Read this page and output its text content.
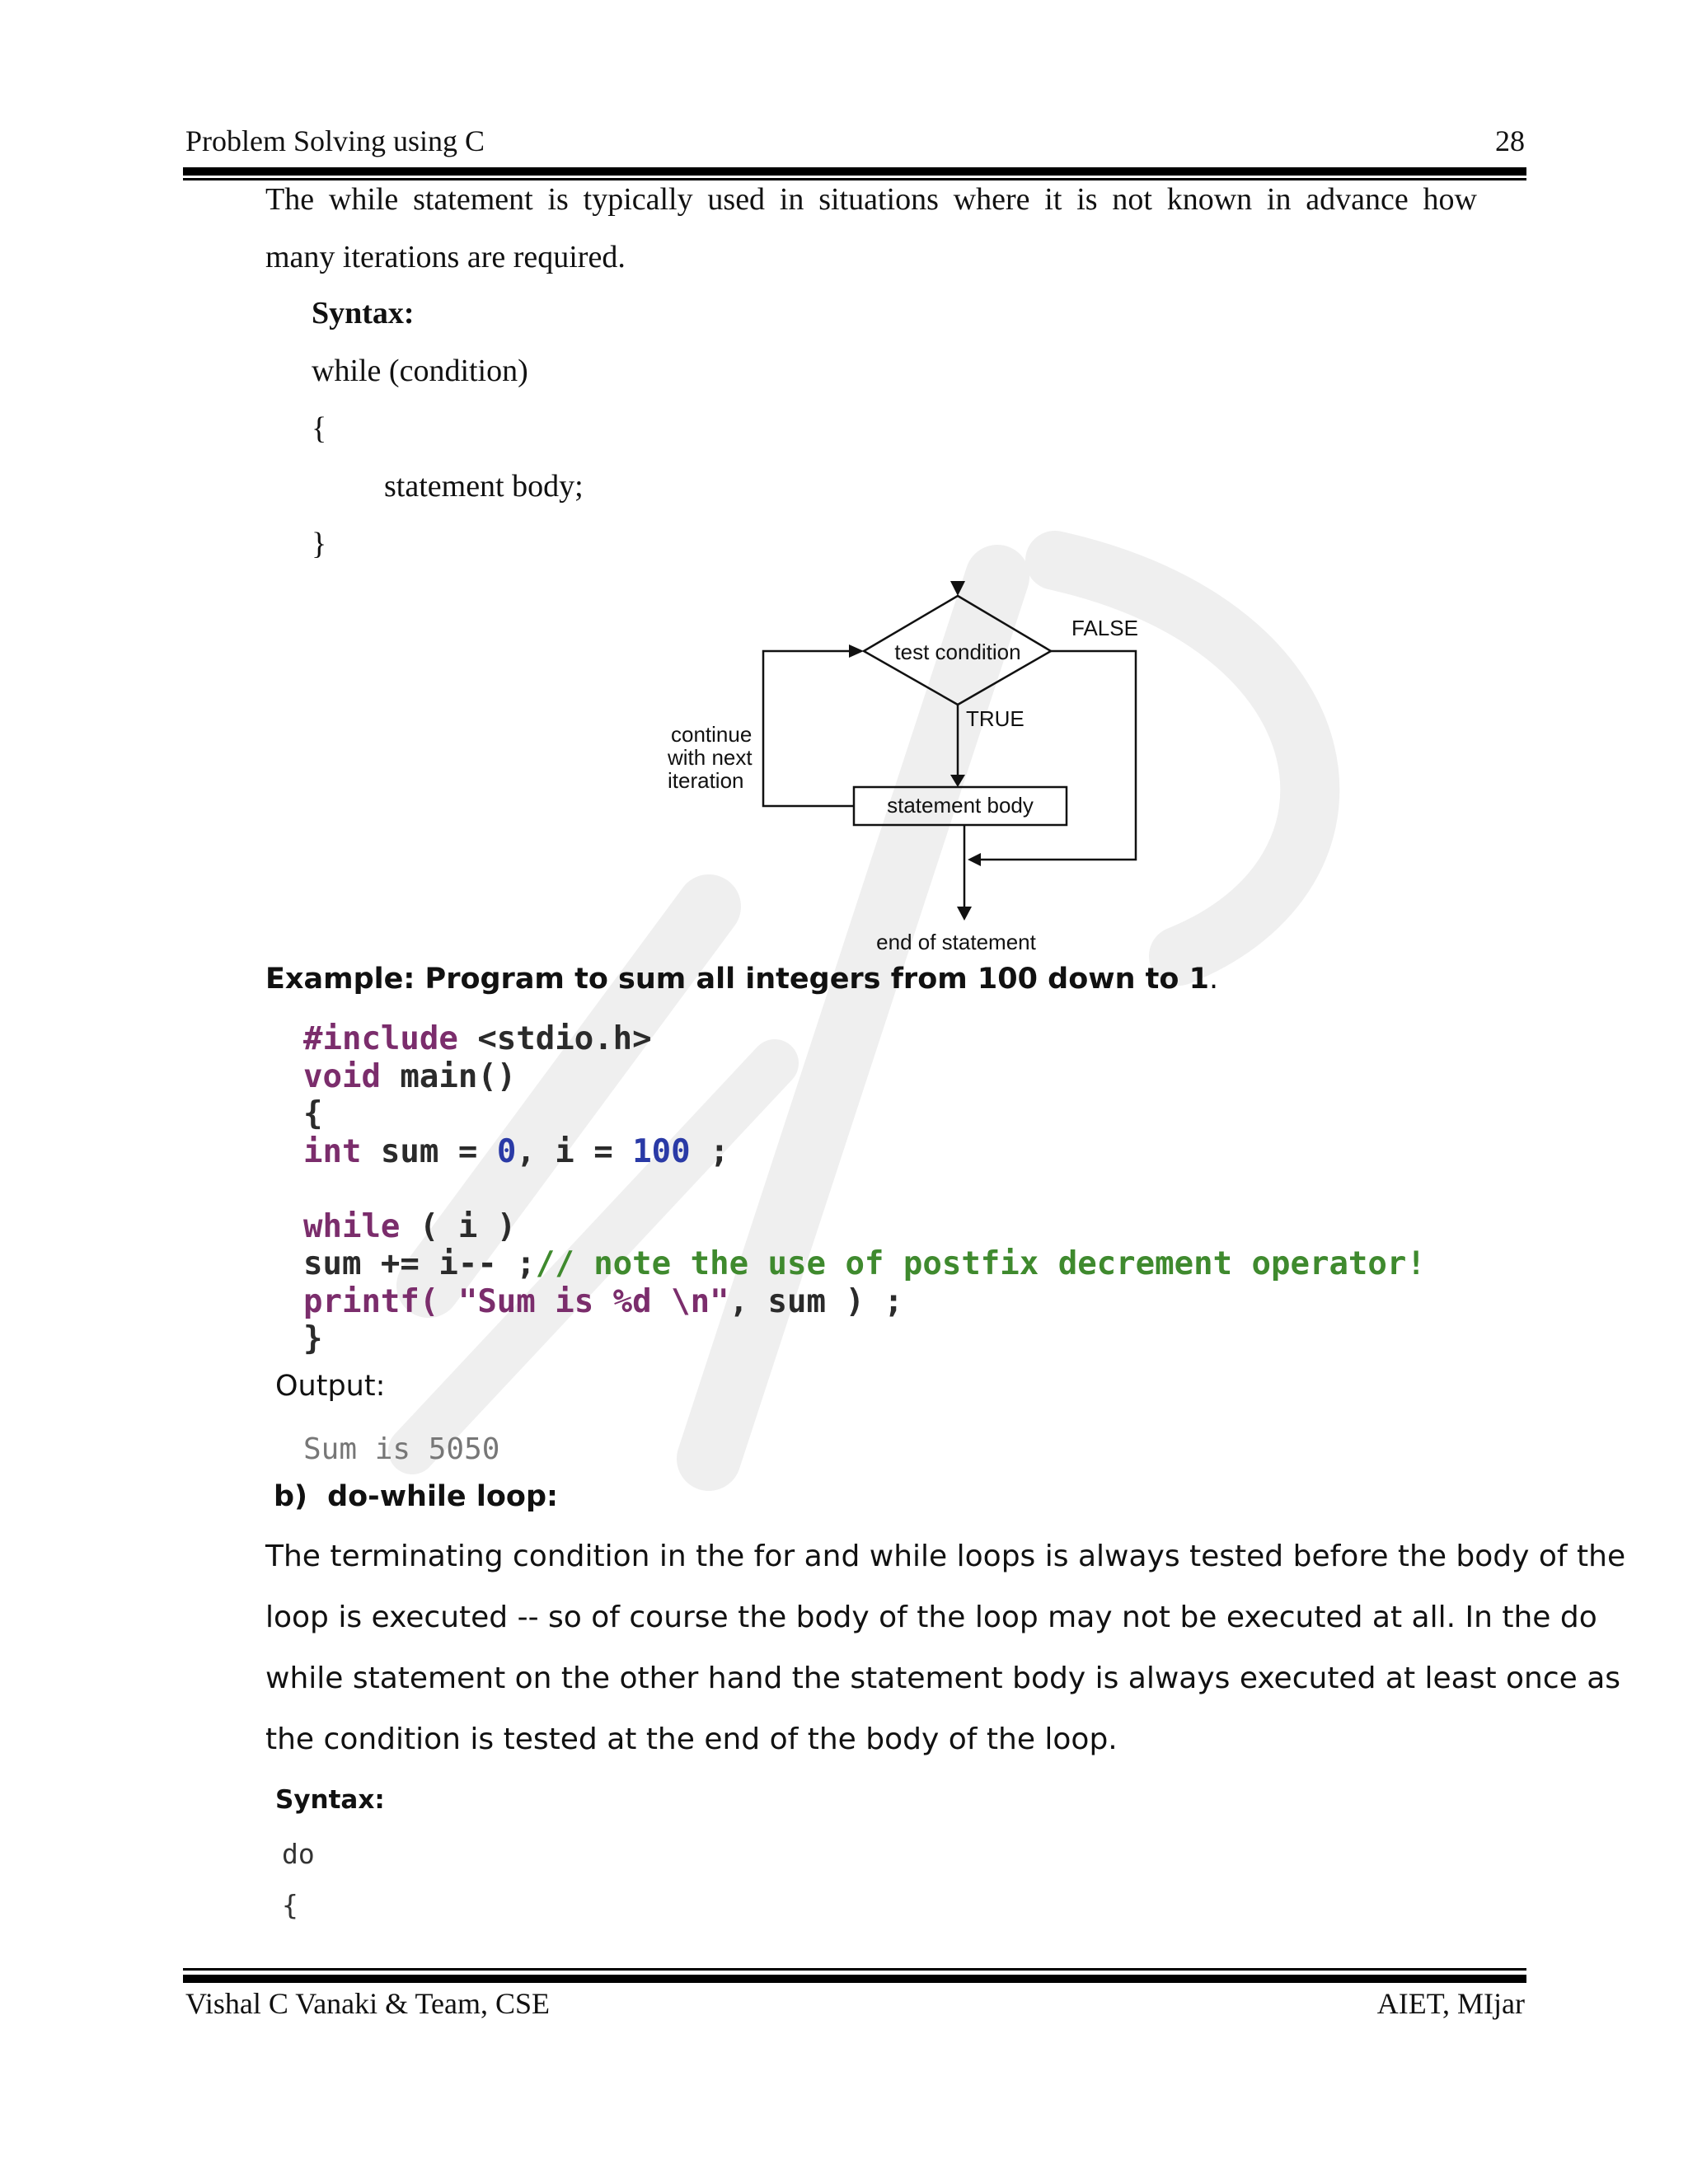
Problem Solving using C	28

The while statement is typically used in situations where it is not known in advance how

many iterations are required.

Syntax:

while (condition)

{

statement body;

}

test condition
FALSE
TRUE
statement body
continue
with next
iteration
end of statement

Example: Program to sum all integers from 100 down to 1.

#include <stdio.h>
void main()
{
int sum = 0, i = 100 ;

while ( i )
sum += i-- ;// note the use of postfix decrement operator!
printf( "Sum is %d \n", sum ) ;
}

Output:

Sum is 5050

b) do-while loop:

The terminating condition in the for and while loops is always tested before the body of the

loop is executed -- so of course the body of the loop may not be executed at all. In the do

while statement on the other hand the statement body is always executed at least once as

the condition is tested at the end of the body of the loop.

Syntax:

do

{

Vishal C Vanaki & Team, CSE	AIET, MIjar
